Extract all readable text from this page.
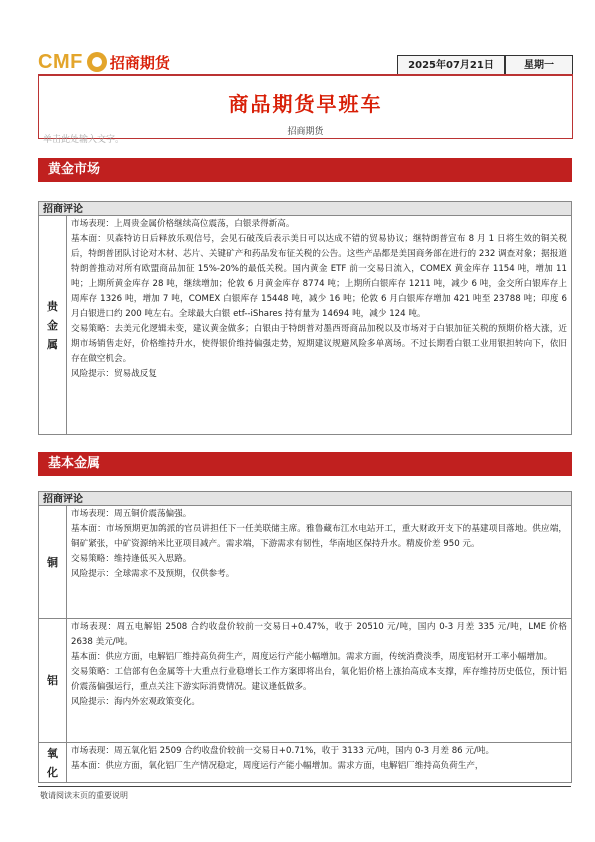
CMF 招商期货	2025年07月21日	星期一
商品期货早班车
招商期货
单击此处输入文字。
黄金市场
招商评论
贵金属

市场表现：上周贵金属价格继续高位震荡，白银录得新高。

基本面：贝森特访日后释放乐观信号，会见石破茂后表示美日可以达成不错的贸易协议；继特朗普宣布 8 月 1 日将生效的铜关税后，特朗普团队讨论对木材、芯片、关键矿产和药品发布征关税的公告。这些产品都是美国商务部在进行的 232 调查对象；据报道特朗普推动对所有欧盟商品加征 15%-20%的最低关税。国内黄金 ETF 前一交易日流入，COMEX 黄金库存 1154 吨，增加 11 吨；上期所黄金库存 28 吨，继续增加；伦敦 6 月黄金库存 8774 吨；上期所白银库存 1211 吨，减少 6 吨，金交所白银库存上周库存 1326 吨，增加 7 吨，COMEX 白银库存 15448 吨，减少 16 吨；伦敦 6 月白银库存增加 421 吨至 23788 吨；印度 6 月白银进口约 200 吨左右。全球最大白银 etf--iShares 持有量为 14694 吨，减少 124 吨。

交易策略：去美元化逻辑未变，建议黄金做多；白银由于特朗普对墨西哥商品加税以及市场对于白银加征关税的预期价格大涨，近期市场销售走好，价格维持升水，使得银价维持偏强走势，短期建议规避风险多单离场。不过长期看白银工业用银担转向下，依旧存在做空机会。

风险提示：贸易战反复

基本金属
招商评论
铜

市场表现：周五铜价震荡偏强。

基本面：市场预期更加鸽派的官员讲担任下一任美联储主席。雅鲁藏布江水电站开工，重大财政开支下的基建项目落地。供应端，铜矿紧张，中矿资源纳米比亚项目减产。需求端，下游需求有韧性，华南地区保持升水。精废价差 950 元。

交易策略：维持逢低买入思路。

风险提示：全球需求不及预期，仅供参考。

铝

市场表现：周五电解铝 2508 合约收盘价较前一交易日+0.47%，收于 20510 元/吨，国内 0-3 月差 335 元/吨，LME 价格 2638 美元/吨。

基本面：供应方面，电解铝厂维持高负荷生产，周度运行产能小幅增加。需求方面，传统消费淡季，周度铝材开工率小幅增加。

交易策略：工信部有色金属等十大重点行业稳增长工作方案即将出台，氧化铝价格上涨抬高成本支撑，库存维持历史低位，预计铝价震荡偏强运行，重点关注下游实际消费情况。建议逢低做多。

风险提示：海内外宏观政策变化。

氧化

市场表现：周五氧化铝 2509 合约收盘价较前一交易日+0.71%，收于 3133 元/吨，国内 0-3 月差 86 元/吨。

基本面：供应方面，氧化铝厂生产情况稳定，周度运行产能小幅增加。需求方面，电解铝厂维持高负荷生产，

敬请阅读末页的重要说明
